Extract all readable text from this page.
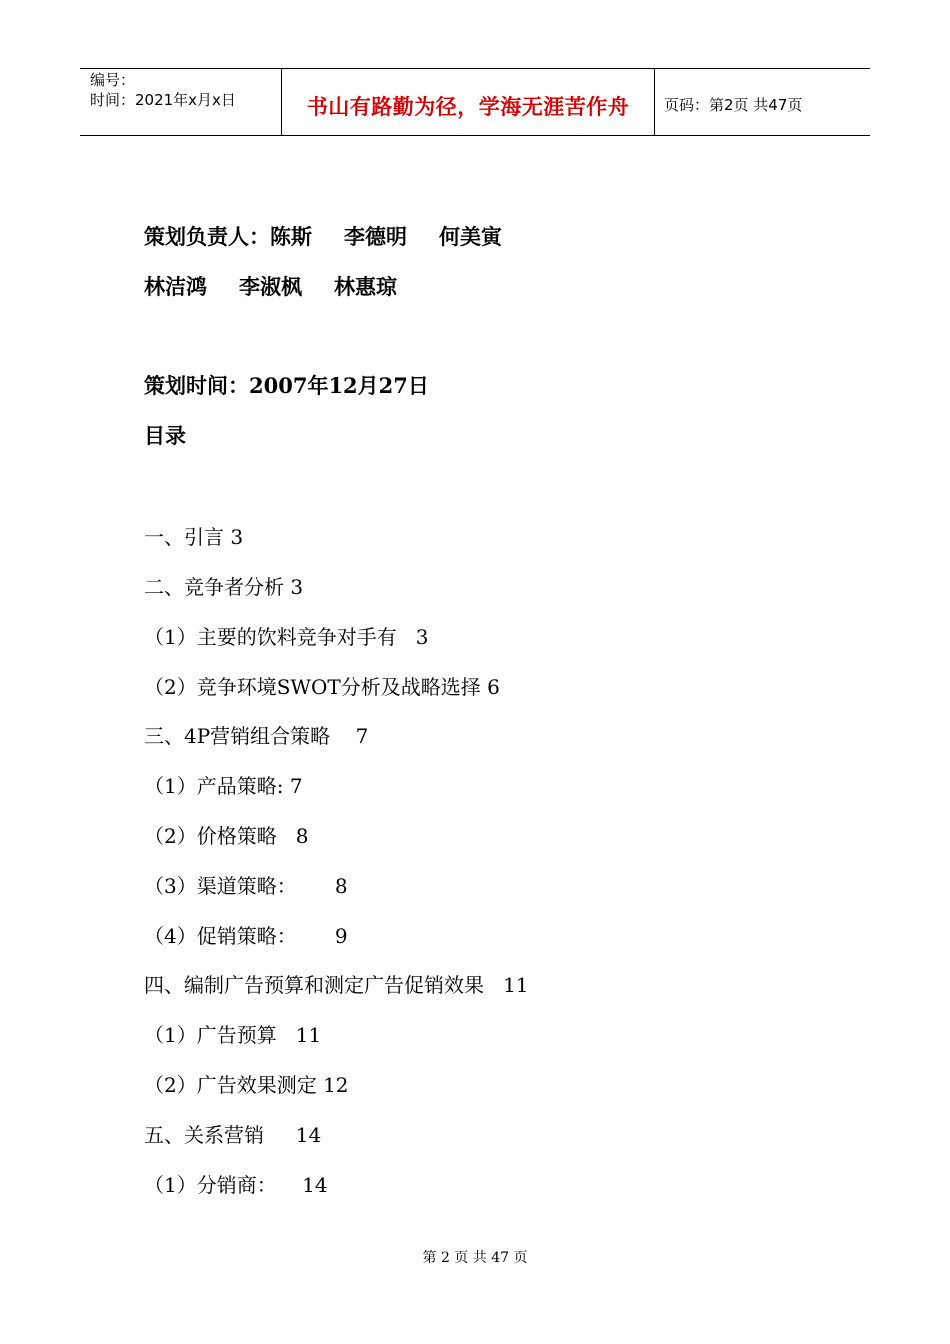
编号：
时间：2021年x月x日	书山有路勤为径，学海无涯苦作舟	页码：第2页 共47页
策划负责人：陈斯 李德明 何美寅
林洁鸿 李淑枫 林惠琼
策划时间：2007年12月27日
目录
一、引言 3
二、竞争者分析 3
（1）主要的饮料竞争对手有   3
（2）竞争环境SWOT分析及战略选择 6
三、4P营销组合策略    7
（1）产品策略: 7
（2）价格策略   8
（3）渠道策略：      8
（4）促销策略：      9
四、编制广告预算和测定广告促销效果   11
（1）广告预算   11
（2）广告效果测定 12
五、关系营销     14
（1）分销商：    14
第 2 页 共 47 页
